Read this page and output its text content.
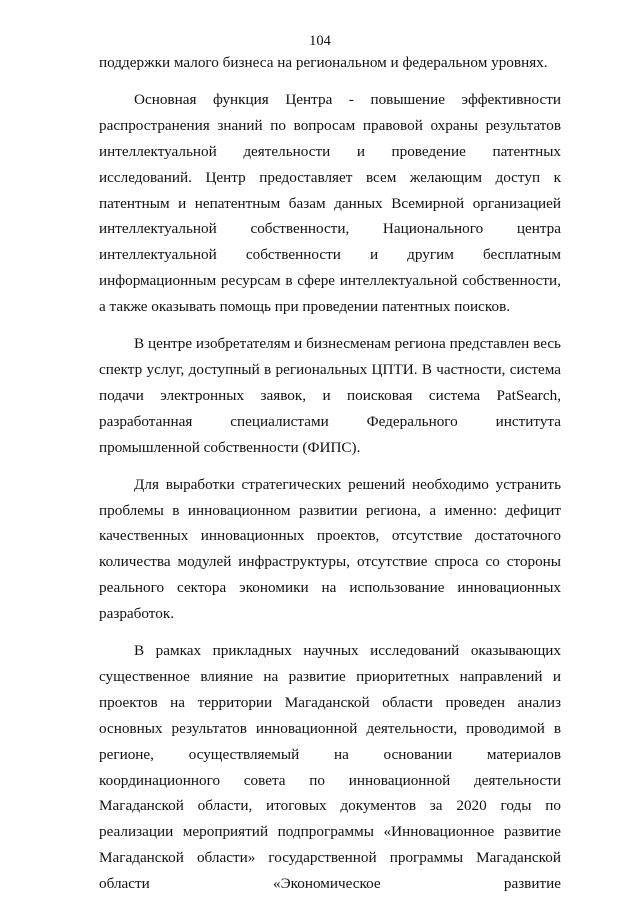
104

поддержки малого бизнеса на региональном и федеральном уровнях.

Основная функция Центра - повышение эффективности распространения знаний по вопросам правовой охраны результатов интеллектуальной деятельности и проведение патентных исследований. Центр предоставляет всем желающим доступ к патентным и непатентным базам данных Всемирной организацией интеллектуальной собственности, Национального центра интеллектуальной собственности и другим бесплатным информационным ресурсам в сфере интеллектуальной собственности, а также оказывать помощь при проведении патентных поисков.

В центре изобретателям и бизнесменам региона представлен весь спектр услуг, доступный в региональных ЦПТИ. В частности, система подачи электронных заявок, и поисковая система PatSearch, разработанная специалистами Федерального института промышленной собственности (ФИПС).

Для выработки стратегических решений необходимо устранить проблемы в инновационном развитии региона, а именно: дефицит качественных инновационных проектов, отсутствие достаточного количества модулей инфраструктуры, отсутствие спроса со стороны реального сектора экономики на использование инновационных разработок.

В рамках прикладных научных исследований оказывающих существенное влияние на развитие приоритетных направлений и проектов на территории Магаданской области проведен анализ основных результатов инновационной деятельности, проводимой в регионе, осуществляемый на основании материалов координационного совета по инновационной деятельности Магаданской области, итоговых документов за 2020 годы по реализации мероприятий подпрограммы «Инновационное развитие Магаданской области» государственной программы Магаданской области «Экономическое развитие
